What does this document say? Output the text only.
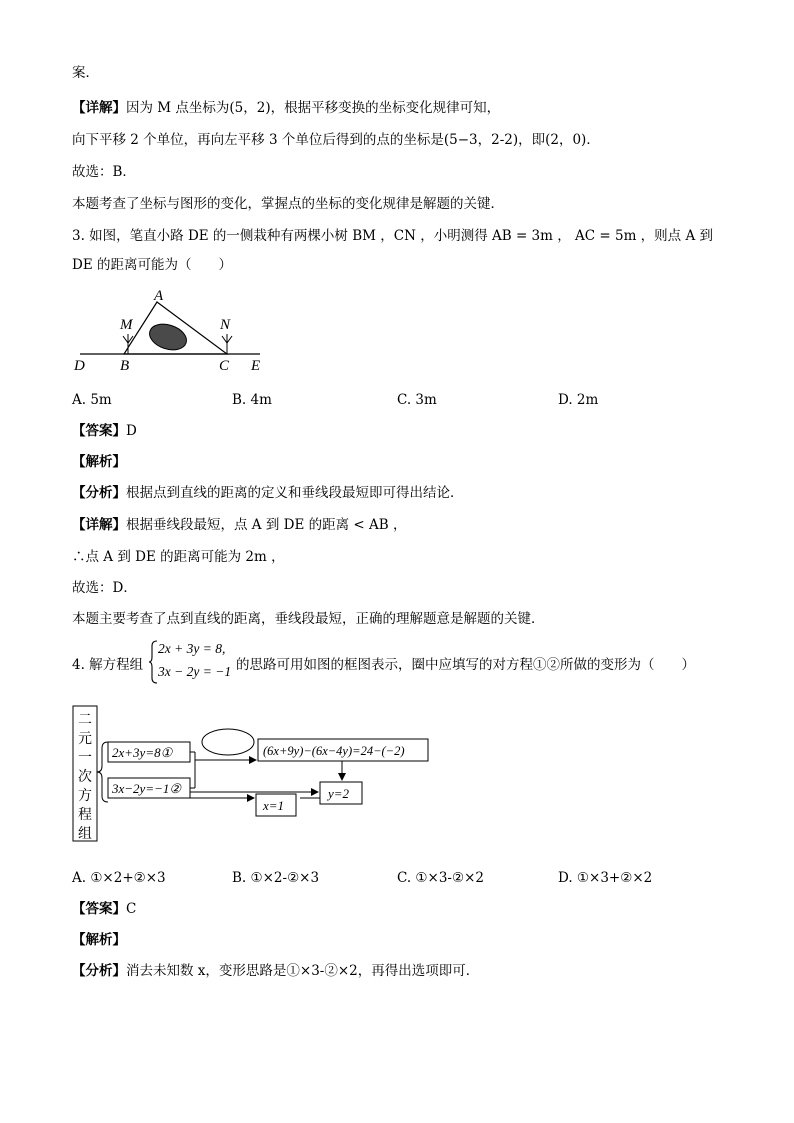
案．
【详解】因为 M 点坐标为(5，2)，根据平移变换的坐标变化规律可知，
向下平移 2 个单位，再向左平移 3 个单位后得到的点的坐标是(5−3，2-2)，即(2，0)．
故选：B．
本题考查了坐标与图形的变化，掌握点的坐标的变化规律是解题的关键．
3. 如图，笔直小路 DE 的一侧栽种有两棵小树 BM ，CN ，小明测得 AB = 3m ， AC = 5m ，则点 A 到
DE 的距离可能为（　　）
A
M	N
D B	C E
A. 5m	B. 4m	C. 3m	D. 2m
【答案】D
【解析】
【分析】根据点到直线的距离的定义和垂线段最短即可得出结论．
【详解】根据垂线段最短，点 A 到 DE 的距离 < AB ，
∴点 A 到 DE 的距离可能为 2m ，
故选：D．
本题主要考查了点到直线的距离，垂线段最短，正确的理解题意是解题的关键．
4. 解方程组
2x + 3y = 8,
3x − 2y = −1 的思路可用如图的框图表示，圈中应填写的对方程①②所做的变形为（　　）
二
元
一
次
方
程
组
2x+3y=8①
3x−2y=−1②
(6x+9y)−(6x−4y)=24−(−2)
y=2
x=1
A. ①×2+②×3	B. ①×2-②×3	C. ①×3-②×2	D. ①×3+②×2
【答案】C
【解析】
【分析】消去未知数 x，变形思路是①×3-②×2，再得出选项即可．
